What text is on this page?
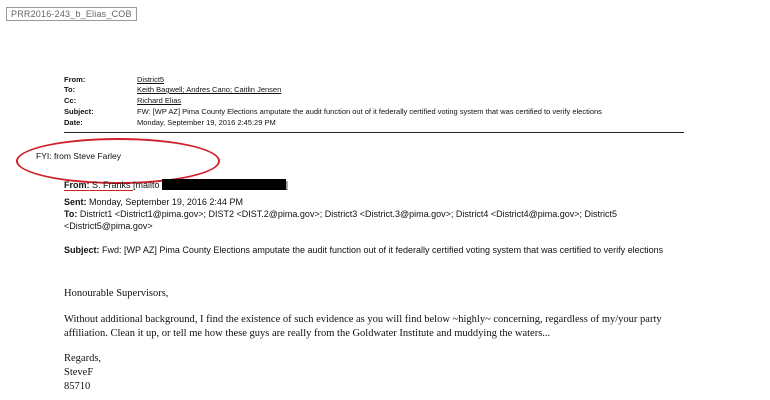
PRR2016-243_b_Elias_COB
From:	District5
To:	Keith Bagwell; Andres Cano; Caitlin Jensen
Cc:	Richard Elias
Subject:	FW: [WP AZ] Pima County Elections amputate the audit function out of it federally certified voting system that was certified to verify elections
Date:	Monday, September 19, 2016 2:45:29 PM
FYI: from Steve Farley
From: S. Franks [mailto	]
Sent: Monday, September 19, 2016 2:44 PM
To: District1 <District1@pima.gov>; DIST2 <DIST.2@pima.gov>; District3 <District.3@pima.gov>; District4 <District4@pima.gov>; District5 <District5@pima.gov>
Subject: Fwd: [WP AZ] Pima County Elections amputate the audit function out of it federally certified voting system that was certified to verify elections
Honourable Supervisors,
Without additional background, I find the existence of such evidence as you will find below ~highly~ concerning, regardless of my/your party affiliation. Clean it up, or tell me how these guys are really from the Goldwater Institute and muddying the waters...
Regards,
SteveF
85710
